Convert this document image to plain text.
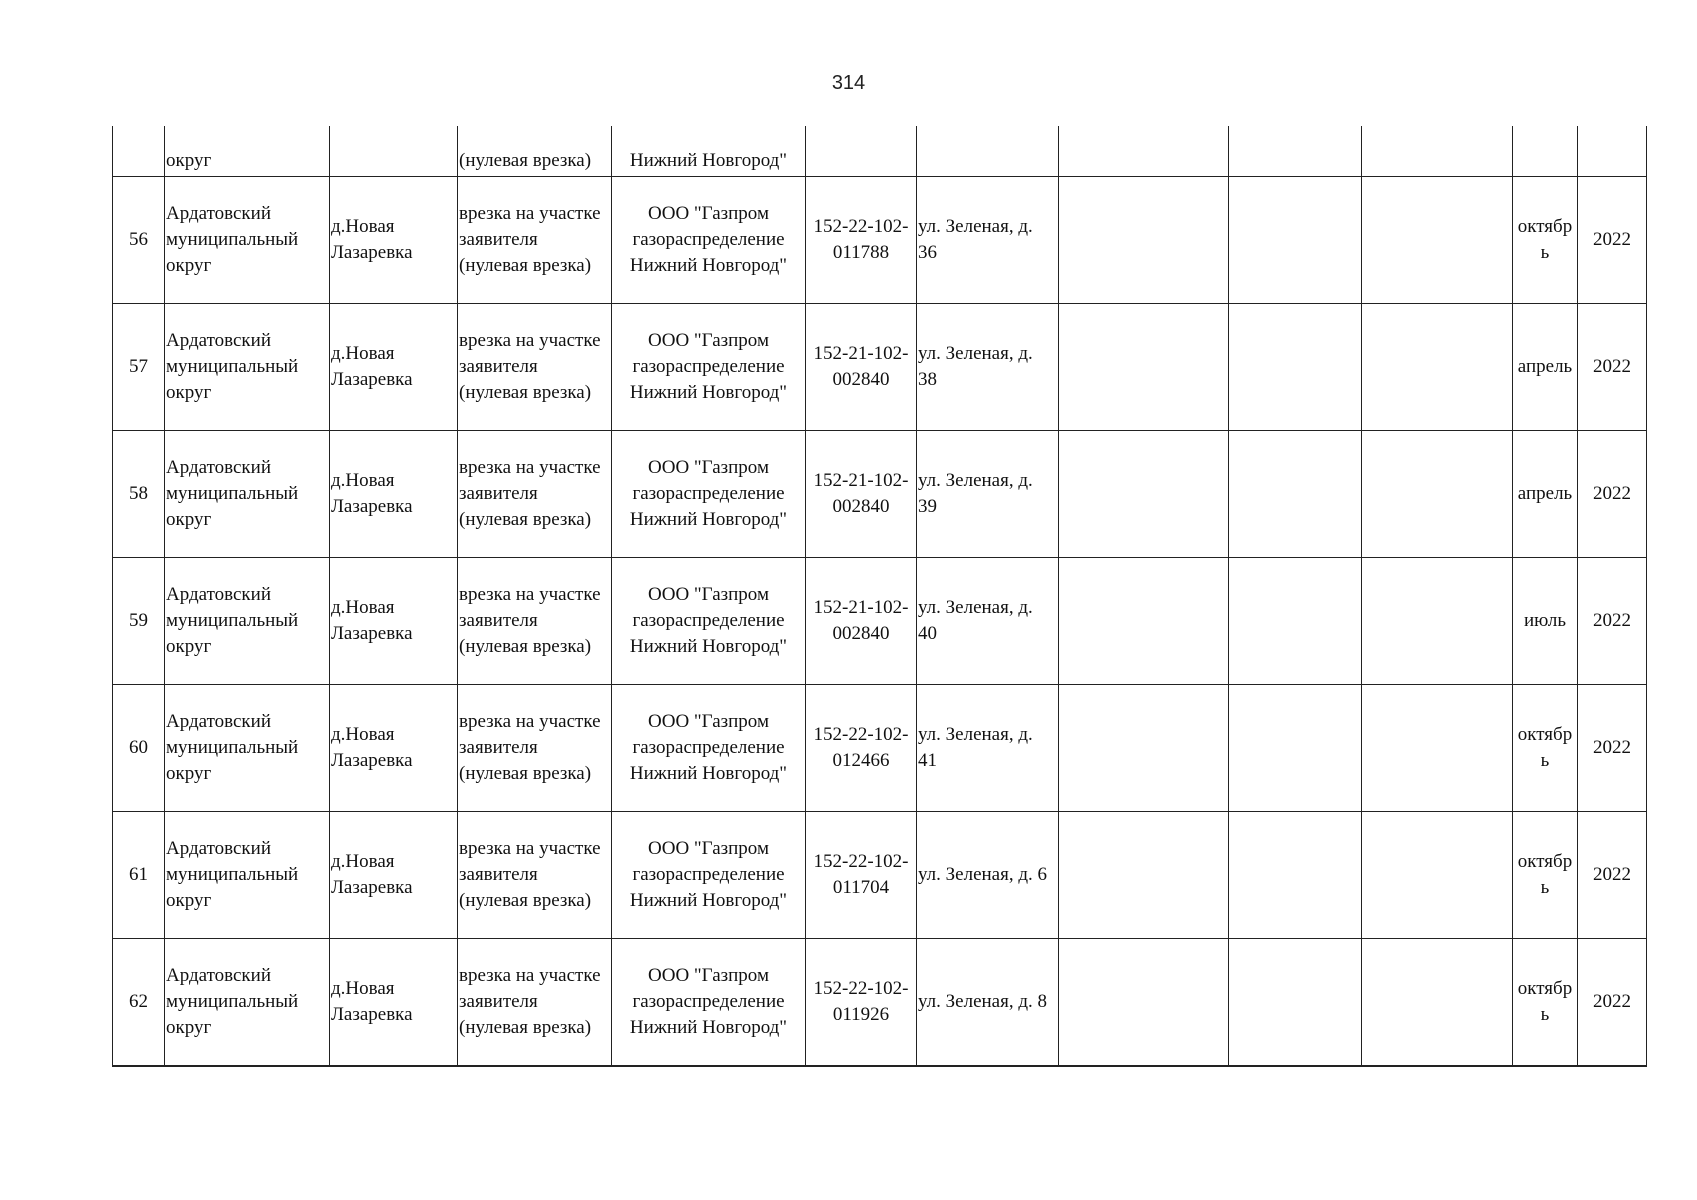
314
	округ		(нулевая врезка)	Нижний Новгород"							
56	Ардатовский муниципальный округ	д.Новая Лазаревка	врезка на участке заявителя (нулевая врезка)	ООО "Газпром газораспределение Нижний Новгород"	152-22-102-011788	ул. Зеленая, д. 36				октябрь	2022
57	Ардатовский муниципальный округ	д.Новая Лазаревка	врезка на участке заявителя (нулевая врезка)	ООО "Газпром газораспределение Нижний Новгород"	152-21-102-002840	ул. Зеленая, д. 38				апрель	2022
58	Ардатовский муниципальный округ	д.Новая Лазаревка	врезка на участке заявителя (нулевая врезка)	ООО "Газпром газораспределение Нижний Новгород"	152-21-102-002840	ул. Зеленая, д. 39				апрель	2022
59	Ардатовский муниципальный округ	д.Новая Лазаревка	врезка на участке заявителя (нулевая врезка)	ООО "Газпром газораспределение Нижний Новгород"	152-21-102-002840	ул. Зеленая, д. 40				июль	2022
60	Ардатовский муниципальный округ	д.Новая Лазаревка	врезка на участке заявителя (нулевая врезка)	ООО "Газпром газораспределение Нижний Новгород"	152-22-102-012466	ул. Зеленая, д. 41				октябрь	2022
61	Ардатовский муниципальный округ	д.Новая Лазаревка	врезка на участке заявителя (нулевая врезка)	ООО "Газпром газораспределение Нижний Новгород"	152-22-102-011704	ул. Зеленая, д. 6				октябрь	2022
62	Ардатовский муниципальный округ	д.Новая Лазаревка	врезка на участке заявителя (нулевая врезка)	ООО "Газпром газораспределение Нижний Новгород"	152-22-102-011926	ул. Зеленая, д. 8				октябрь	2022
